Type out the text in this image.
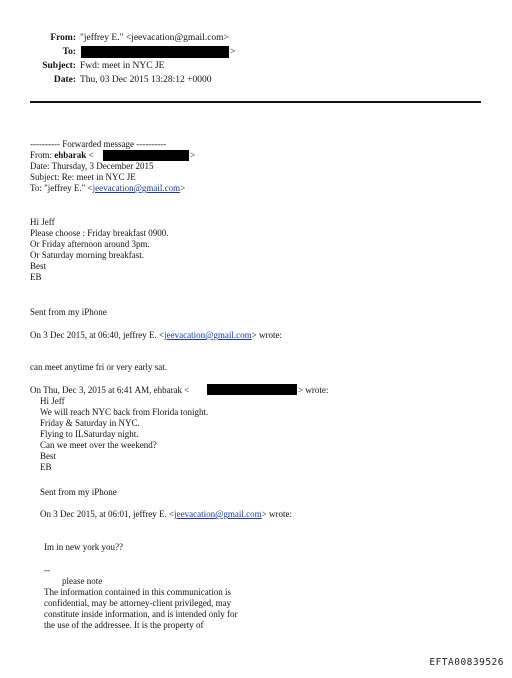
From: "jeffrey E." <jeevacation@gmail.com>
To:	>
Subject: Fwd: meet in NYC JE
Date: Thu, 03 Dec 2015 13:28:12 +0000
---------- Forwarded message ----------
From: ehbarak <	>
Date: Thursday, 3 December 2015
Subject: Re: meet in NYC JE
To: "jeffrey E." <jeevacation@gmail.com>
Hi Jeff
Please choose : Friday breakfast 0900.
Or Friday afternoon around 3pm.
Or Saturday morning breakfast.
Best
EB
Sent from my iPhone
On 3 Dec 2015, at 06:40, jeffrey E. <jeevacation@gmail.com> wrote:
can meet anytime fri or very early sat.
On Thu, Dec 3, 2015 at 6:41 AM, ehbarak <	> wrote:
Hi Jeff
We will reach NYC back from Florida tonight.
Friday & Saturday in NYC.
Flying to ILSaturday night.
Can we meet over the weekend?
Best
EB
Sent from my iPhone
On 3 Dec 2015, at 06:01, jeffrey E. <jeevacation@gmail.com> wrote:
Im in new york you??
--
please note
The information contained in this communication is
confidential, may be attorney-client privileged, may
constitute inside information, and is intended only for
the use of the addressee. It is the property of
EFTA00839526
